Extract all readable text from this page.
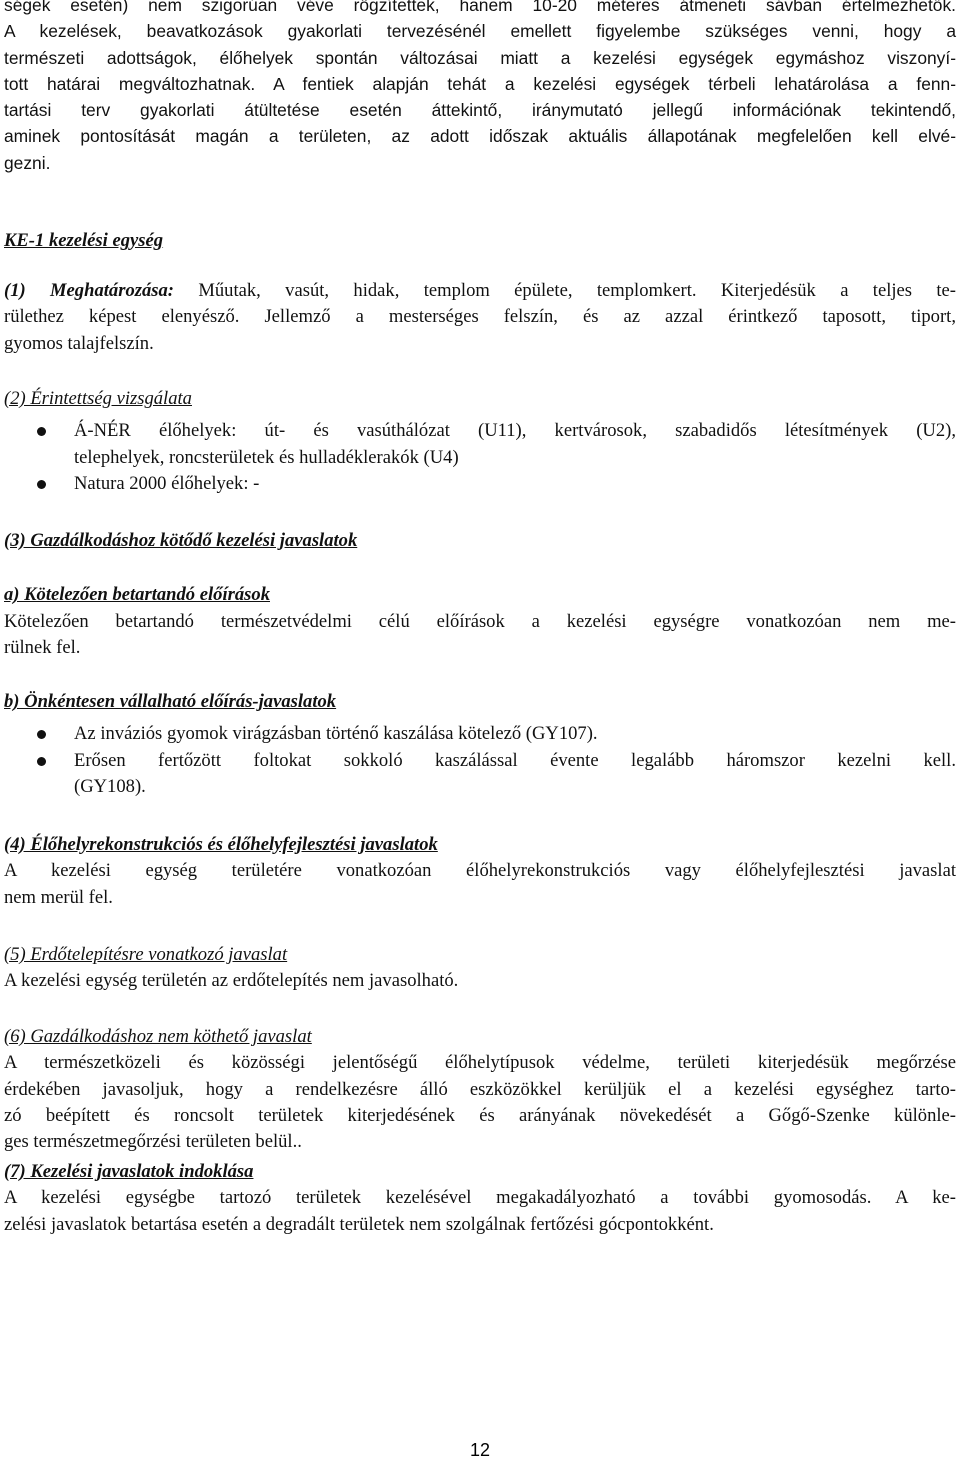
ségek esetén) nem szigorúan véve rögzítettek, hanem 10-20 méteres átmeneti sávban értelmezhetők.
A kezelések, beavatkozások gyakorlati tervezésénél emellett figyelembe szükséges venni, hogy a
természeti adottságok, élőhelyek spontán változásai miatt a kezelési egységek egymáshoz viszonyí-
tott határai megváltozhatnak. A fentiek alapján tehát a kezelési egységek térbeli lehatárolása a fenn-
tartási terv gyakorlati átültetése esetén áttekintő, iránymutató jellegű információnak tekintendő,
aminek pontosítását magán a területen, az adott időszak aktuális állapotának megfelelően kell elvé-
gezni.

KE-1 kezelési egység

(1) Meghatározása: Műutak, vasút, hidak, templom épülete, templomkert. Kiterjedésük a teljes te-
rülethez képest elenyésző. Jellemző a mesterséges felszín, és az azzal érintkező taposott, tiport,
gyomos talajfelszín.

(2) Érintettség vizsgálata

Á-NÉR élőhelyek: út- és vasúthálózat (U11), kertvárosok, szabadidős létesítmények (U2),
telephelyek, roncsterületek és hulladéklerakók (U4)
Natura 2000 élőhelyek: -

(3) Gazdálkodáshoz kötődő kezelési javaslatok

a) Kötelezően betartandó előírások

Kötelezően betartandó természetvédelmi célú előírások a kezelési egységre vonatkozóan nem me-
rülnek fel.

b) Önkéntesen vállalható előírás-javaslatok

Az inváziós gyomok virágzásban történő kaszálása kötelező (GY107).
Erősen fertőzött foltokat sokkoló kaszálással évente legalább háromszor kezelni kell.
(GY108).

(4) Élőhelyrekonstrukciós és élőhelyfejlesztési javaslatok

A kezelési egység területére vonatkozóan élőhelyrekonstrukciós vagy élőhelyfejlesztési javaslat
nem merül fel.

(5) Erdőtelepítésre vonatkozó javaslat

A kezelési egység területén az erdőtelepítés nem javasolható.

(6) Gazdálkodáshoz nem köthető javaslat

A természetközeli és közösségi jelentőségű élőhelytípusok védelme, területi kiterjedésük megőrzése
érdekében javasoljuk, hogy a rendelkezésre álló eszközökkel kerüljük el a kezelési egységhez tarto-
zó beépített és roncsolt területek kiterjedésének és arányának növekedését a Gőgő-Szenke különle-
ges természetmegőrzési területen belül..

(7) Kezelési javaslatok indoklása

A kezelési egységbe tartozó területek kezelésével megakadályozható a további gyomosodás. A ke-
zelési javaslatok betartása esetén a degradált területek nem szolgálnak fertőzési gócpontokként.
12
